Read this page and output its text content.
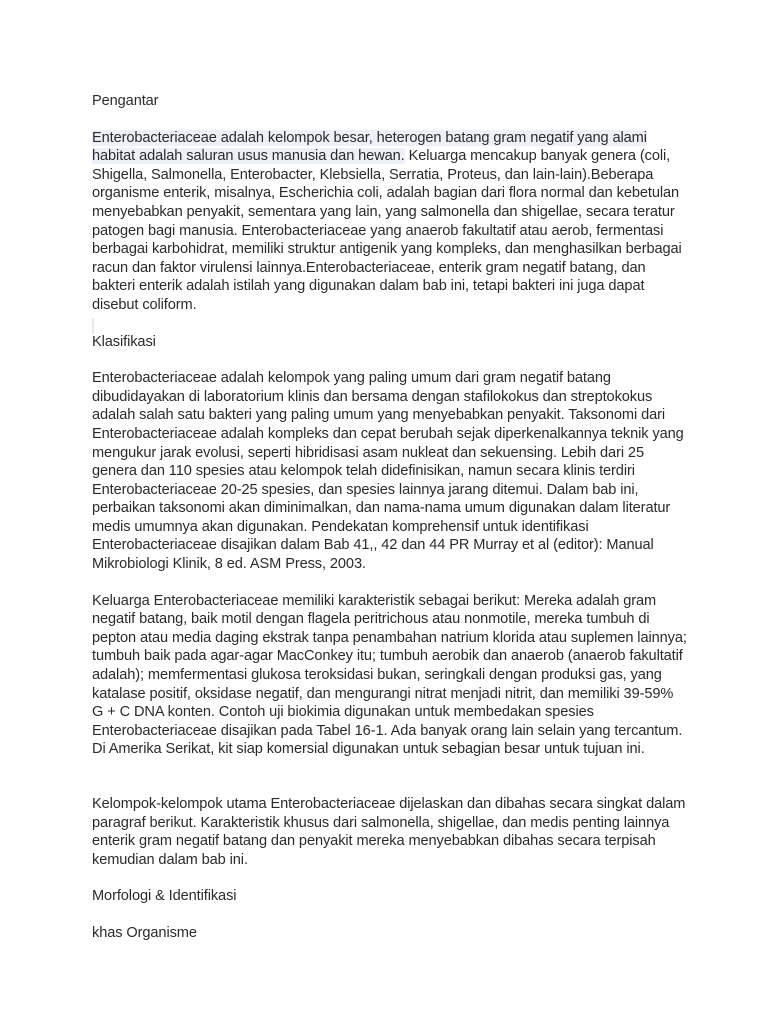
Pengantar

Enterobacteriaceae adalah kelompok besar, heterogen batang gram negatif yang alami habitat adalah saluran usus manusia dan hewan. Keluarga mencakup banyak genera (coli, Shigella, Salmonella, Enterobacter, Klebsiella, Serratia, Proteus, dan lain-lain).Beberapa organisme enterik, misalnya, Escherichia coli, adalah bagian dari flora normal dan kebetulan menyebabkan penyakit, sementara yang lain, yang salmonella dan shigellae, secara teratur patogen bagi manusia. Enterobacteriaceae yang anaerob fakultatif atau aerob, fermentasi berbagai karbohidrat, memiliki struktur antigenik yang kompleks, dan menghasilkan berbagai racun dan faktor virulensi lainnya.Enterobacteriaceae, enterik gram negatif batang, dan bakteri enterik adalah istilah yang digunakan dalam bab ini, tetapi bakteri ini juga dapat disebut coliform.

Klasifikasi

Enterobacteriaceae adalah kelompok yang paling umum dari gram negatif batang dibudidayakan di laboratorium klinis dan bersama dengan stafilokokus dan streptokokus adalah salah satu bakteri yang paling umum yang menyebabkan penyakit. Taksonomi dari Enterobacteriaceae adalah kompleks dan cepat berubah sejak diperkenalkannya teknik yang mengukur jarak evolusi, seperti hibridisasi asam nukleat dan sekuensing. Lebih dari 25 genera dan 110 spesies atau kelompok telah didefinisikan, namun secara klinis terdiri Enterobacteriaceae 20-25 spesies, dan spesies lainnya jarang ditemui. Dalam bab ini, perbaikan taksonomi akan diminimalkan, dan nama-nama umum digunakan dalam literatur medis umumnya akan digunakan. Pendekatan komprehensif untuk identifikasi Enterobacteriaceae disajikan dalam Bab 41,, 42 dan 44 PR Murray et al (editor): Manual Mikrobiologi Klinik, 8 ed. ASM Press, 2003.

Keluarga Enterobacteriaceae memiliki karakteristik sebagai berikut: Mereka adalah gram negatif batang, baik motil dengan flagela peritrichous atau nonmotile, mereka tumbuh di pepton atau media daging ekstrak tanpa penambahan natrium klorida atau suplemen lainnya; tumbuh baik pada agar-agar MacConkey itu; tumbuh aerobik dan anaerob (anaerob fakultatif adalah); memfermentasi glukosa teroksidasi bukan, seringkali dengan produksi gas, yang katalase positif, oksidase negatif, dan mengurangi nitrat menjadi nitrit, dan memiliki 39-59% G + C DNA konten. Contoh uji biokimia digunakan untuk membedakan spesies Enterobacteriaceae disajikan pada Tabel 16-1. Ada banyak orang lain selain yang tercantum. Di Amerika Serikat, kit siap komersial digunakan untuk sebagian besar untuk tujuan ini.

Kelompok-kelompok utama Enterobacteriaceae dijelaskan dan dibahas secara singkat dalam paragraf berikut. Karakteristik khusus dari salmonella, shigellae, dan medis penting lainnya enterik gram negatif batang dan penyakit mereka menyebabkan dibahas secara terpisah kemudian dalam bab ini.

Morfologi & Identifikasi

khas Organisme
